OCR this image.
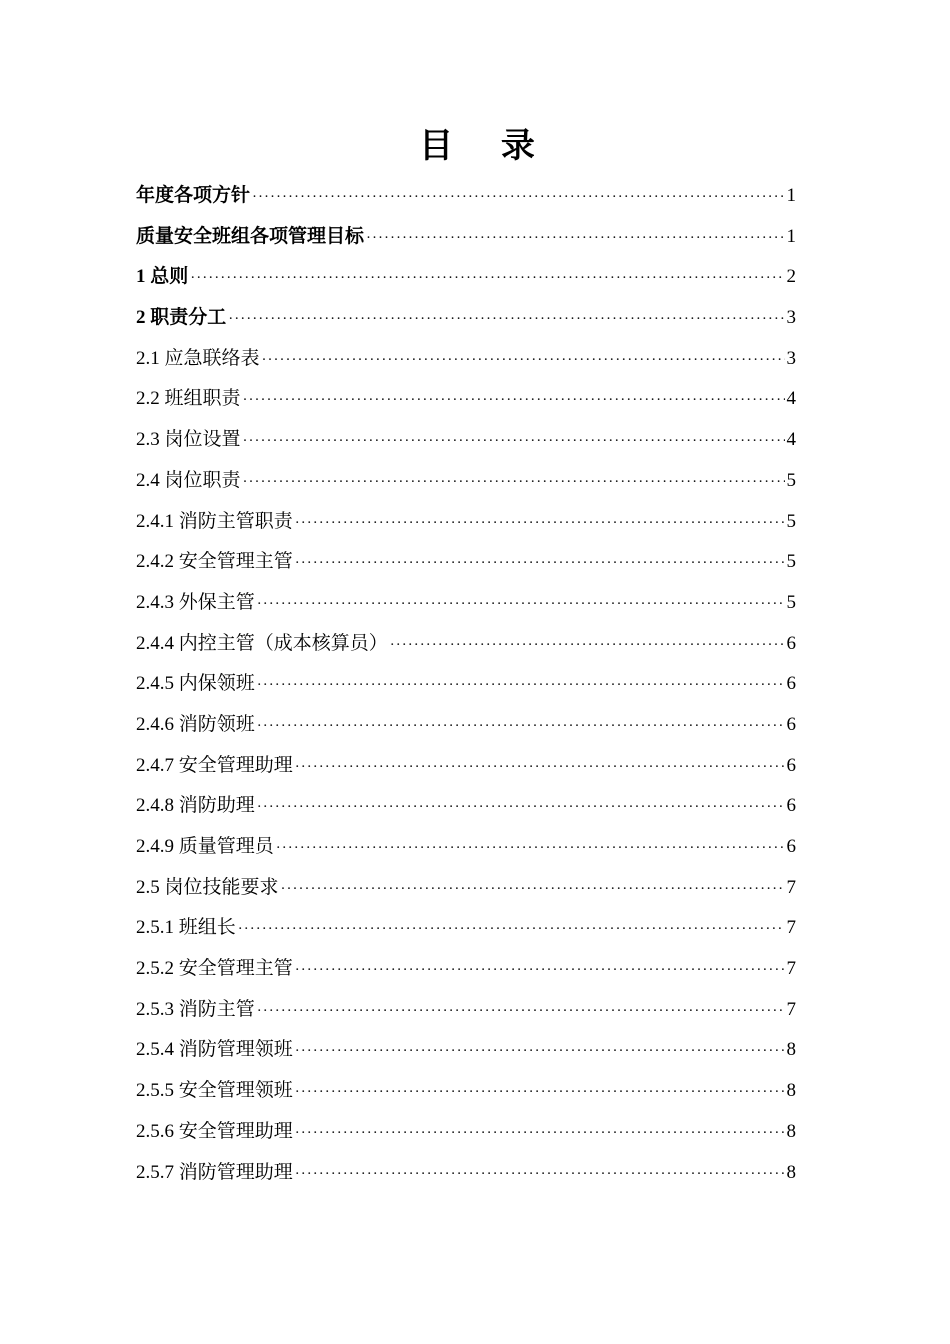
目 录
年度各项方针 ·····	1
质量安全班组各项管理目标 ·····	1
1 总则 ·····	2
2 职责分工 ·····	3
2.1 应急联络表 ·····	3
2.2 班组职责 ·····	4
2.3 岗位设置 ·····	4
2.4 岗位职责 ·····	5
2.4.1 消防主管职责 ·····	5
2.4.2 安全管理主管 ·····	5
2.4.3 外保主管 ·····	5
2.4.4 内控主管（成本核算员） ·····	6
2.4.5 内保领班 ·····	6
2.4.6 消防领班 ·····	6
2.4.7 安全管理助理 ·····	6
2.4.8 消防助理 ·····	6
2.4.9 质量管理员 ·····	6
2.5 岗位技能要求 ·····	7
2.5.1 班组长 ·····	7
2.5.2 安全管理主管 ·····	7
2.5.3 消防主管 ·····	7
2.5.4 消防管理领班 ·····	8
2.5.5 安全管理领班 ·····	8
2.5.6 安全管理助理 ·····	8
2.5.7 消防管理助理 ·····	8
